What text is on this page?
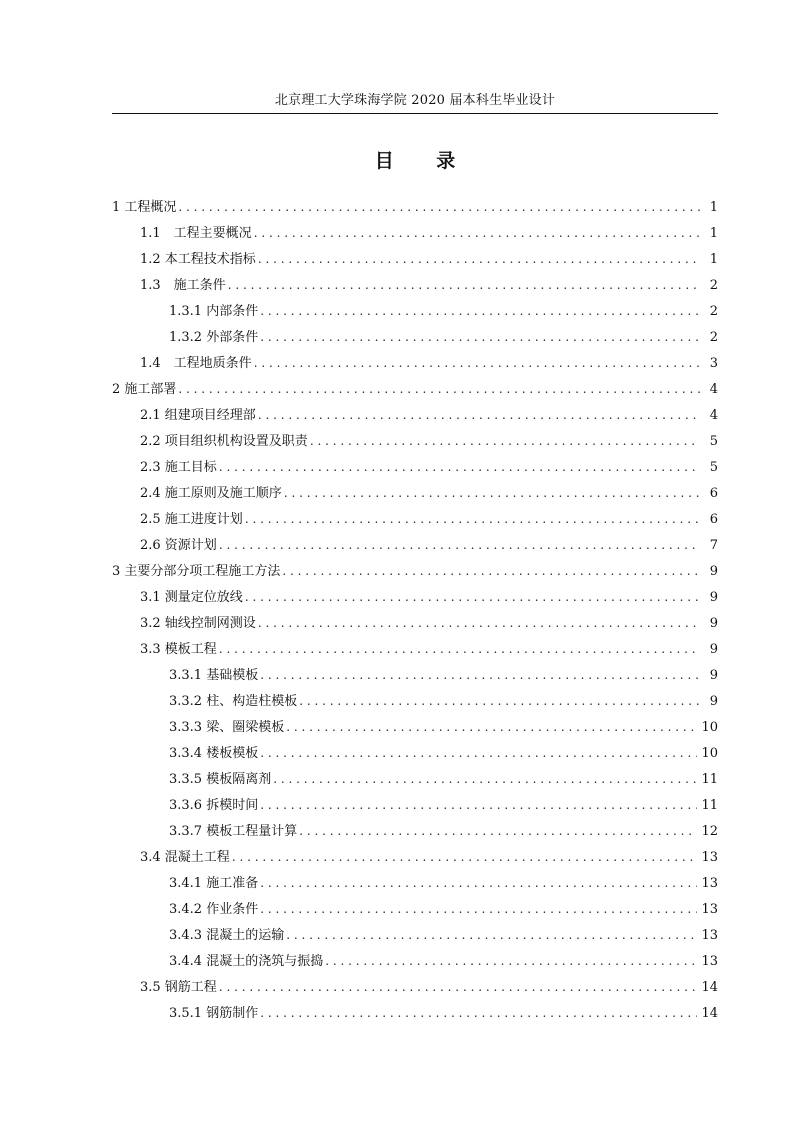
北京理工大学珠海学院 2020 届本科生毕业设计
目 录
1 工程概况 . . .	1
1.1　工程主要概况 . . .	1
1.2 本工程技术指标 . . .	1
1.3　施工条件 . . .	2
1.3.1 内部条件 . . .	2
1.3.2 外部条件 . . .	2
1.4　工程地质条件 . . .	3
2 施工部署 . . .	4
2.1 组建项目经理部 . . .	4
2.2 项目组织机构设置及职责 . . .	5
2.3 施工目标 . . .	5
2.4 施工原则及施工顺序 . . .	6
2.5 施工进度计划 . . .	6
2.6 资源计划 . . .	7
3 主要分部分项工程施工方法 . . .	9
3.1 测量定位放线 . . .	9
3.2 轴线控制网测设 . . .	9
3.3 模板工程 . . .	9
3.3.1 基础模板 . . .	9
3.3.2 柱、构造柱模板 . . .	9
3.3.3 梁、圈梁模板 . . .	10
3.3.4 楼板模板 . . .	10
3.3.5 模板隔离剂 . . .	11
3.3.6 拆模时间 . . .	11
3.3.7 模板工程量计算 . . .	12
3.4 混凝土工程 . . .	13
3.4.1 施工准备 . . .	13
3.4.2 作业条件 . . .	13
3.4.3 混凝土的运输 . . .	13
3.4.4 混凝土的浇筑与振捣 . . .	13
3.5 钢筋工程 . . .	14
3.5.1 钢筋制作 . . .	14
